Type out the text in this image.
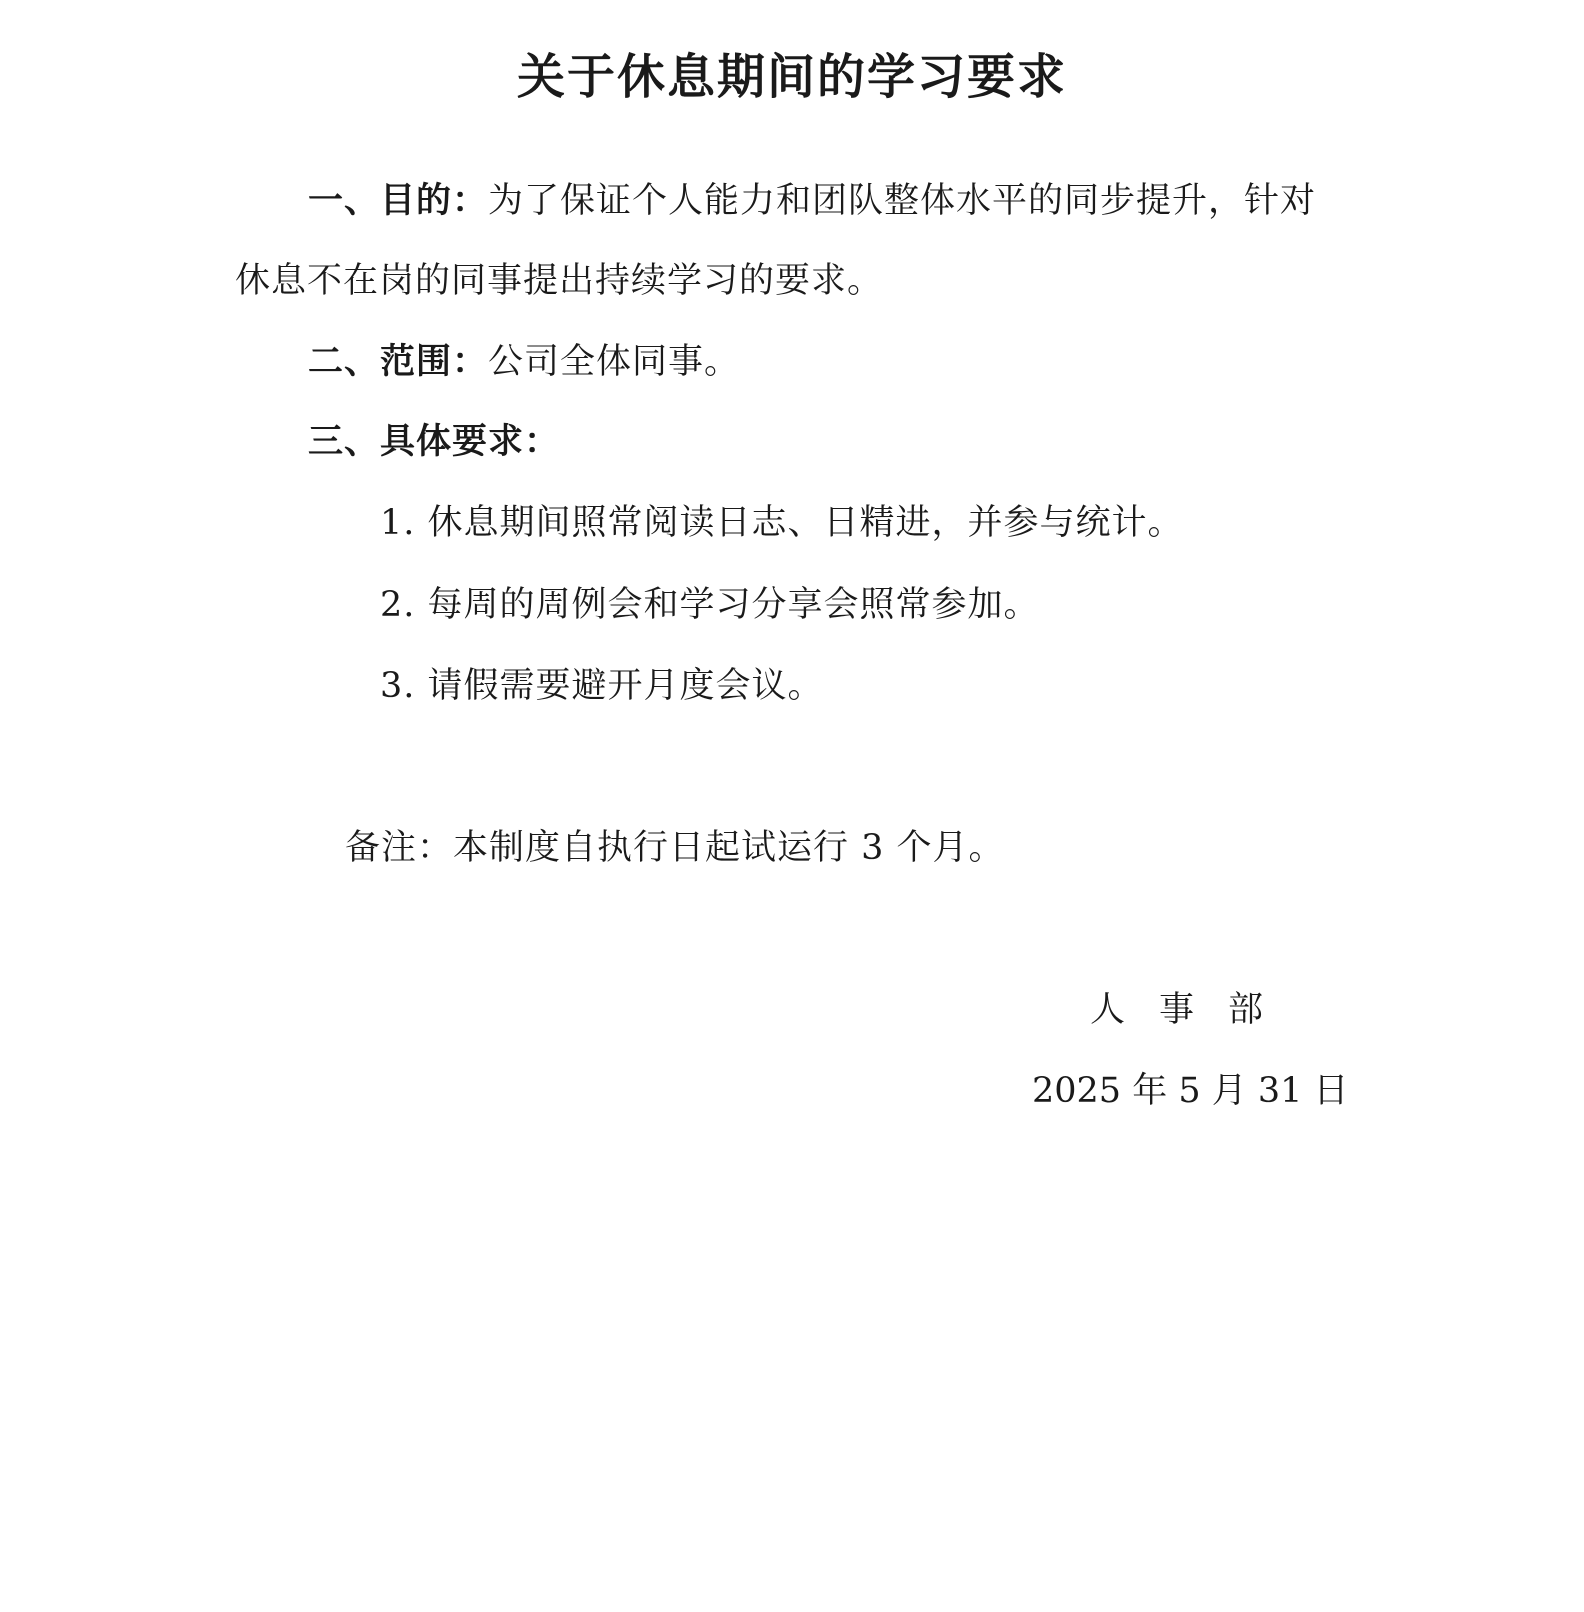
关于休息期间的学习要求
一、目的：为了保证个人能力和团队整体水平的同步提升，针对
休息不在岗的同事提出持续学习的要求。
二、范围：公司全体同事。
三、具体要求：
1. 休息期间照常阅读日志、日精进，并参与统计。
2. 每周的周例会和学习分享会照常参加。
3. 请假需要避开月度会议。
备注：本制度自执行日起试运行 3 个月。
人事部
2025 年 5 月 31 日
